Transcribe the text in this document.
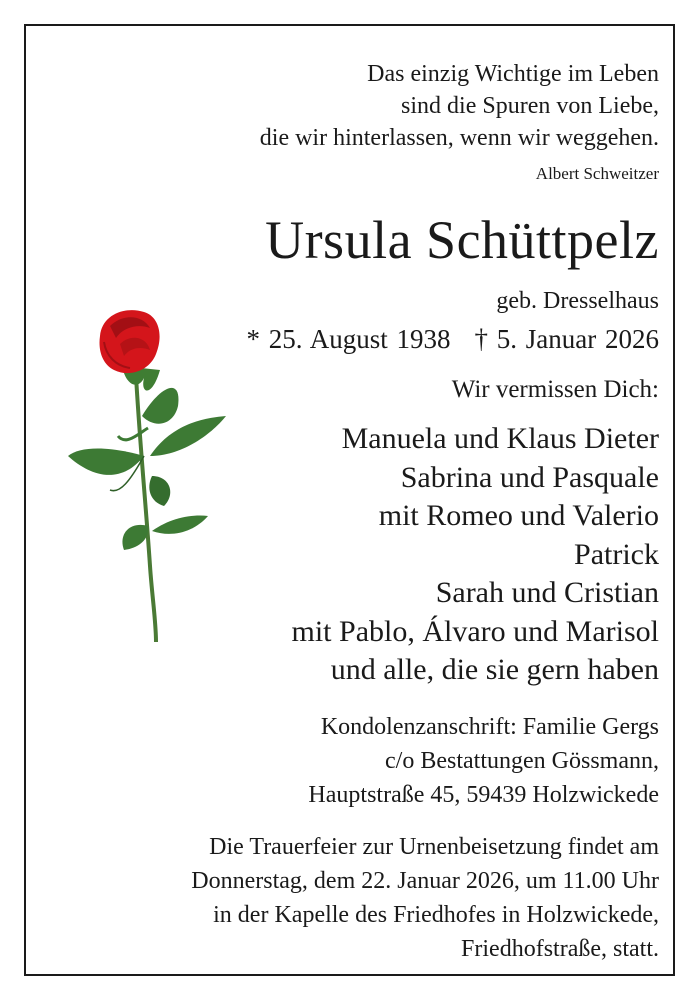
Das einzig Wichtige im Leben
sind die Spuren von Liebe,
die wir hinterlassen, wenn wir weggehen.
Albert Schweitzer
Ursula Schüttpelz
geb. Dresselhaus
* 25. August 1938 † 5. Januar 2026
Wir vermissen Dich:
Manuela und Klaus Dieter
Sabrina und Pasquale
mit Romeo und Valerio
Patrick
Sarah und Cristian
mit Pablo, Álvaro und Marisol
und alle, die sie gern haben
Kondolenzanschrift: Familie Gergs
c/o Bestattungen Gössmann,
Hauptstraße 45, 59439 Holzwickede
Die Trauerfeier zur Urnenbeisetzung findet am
Donnerstag, dem 22. Januar 2026, um 11.00 Uhr
in der Kapelle des Friedhofes in Holzwickede,
Friedhofstraße, statt.
